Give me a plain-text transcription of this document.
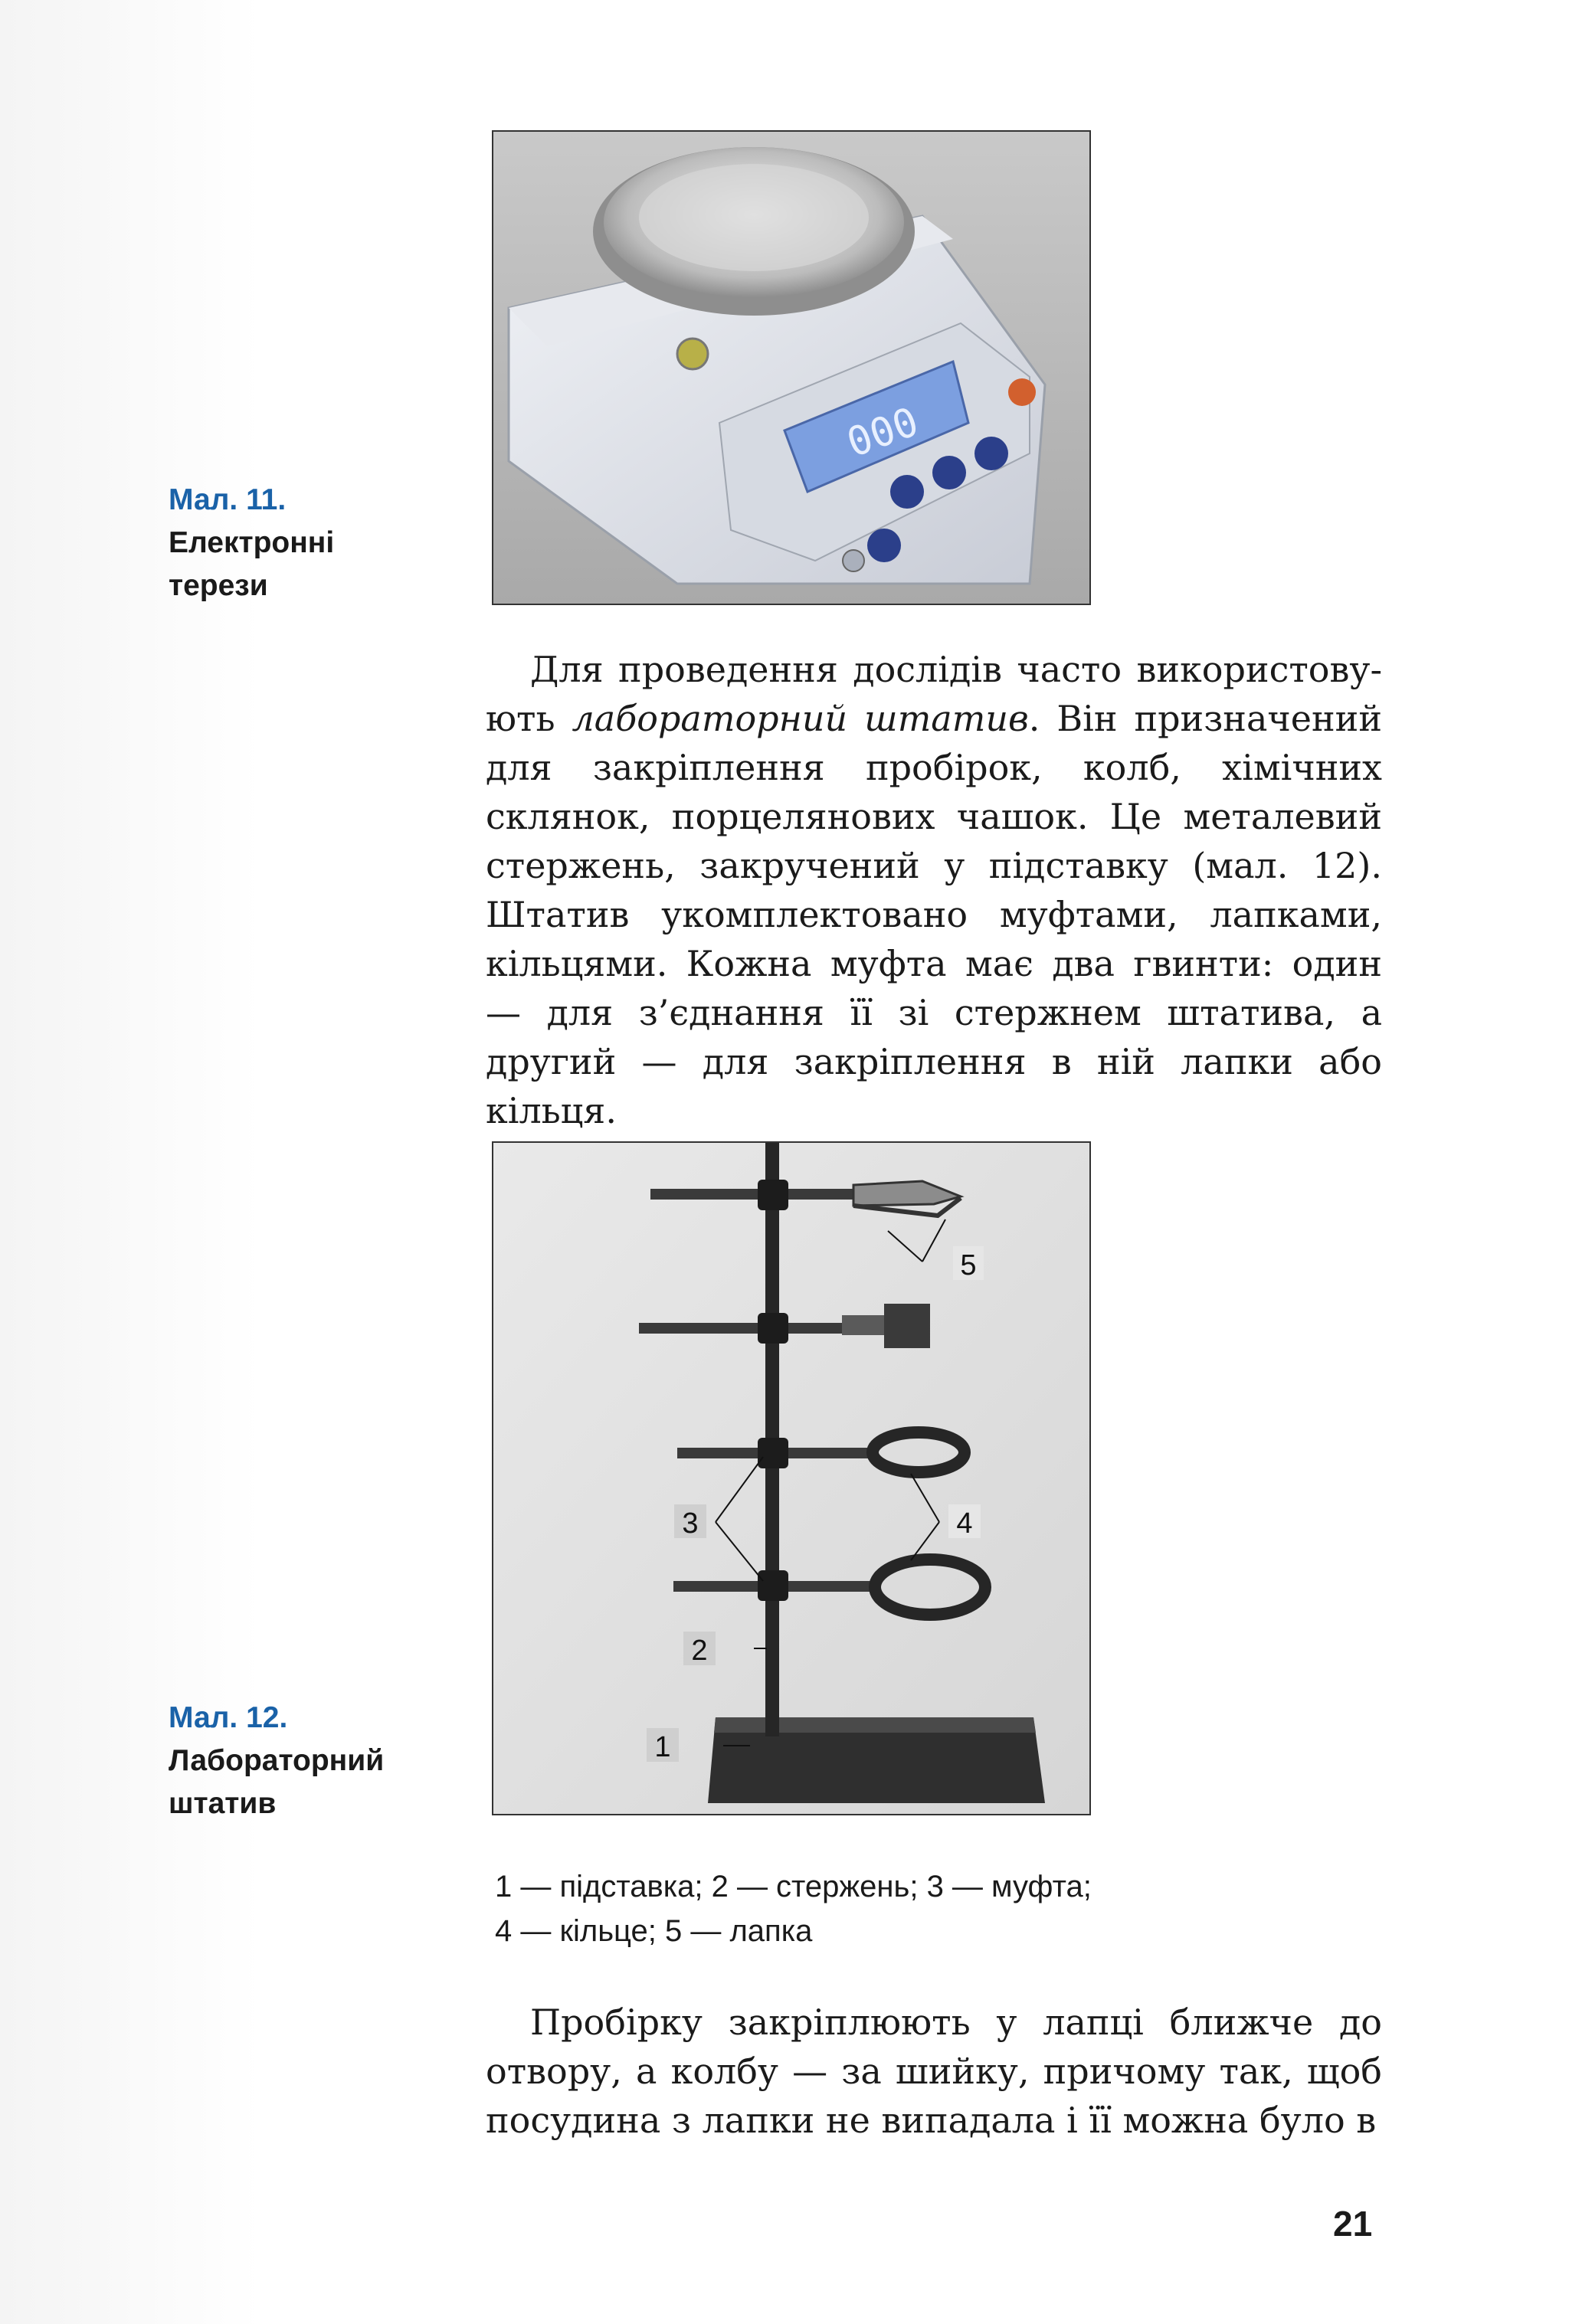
000
Мал. 11.
Електронні
терези

Для проведення дослідів часто використову-ють лабораторний штатив. Він призначений для закріплення пробірок, колб, хімічних склянок, порцелянових чашок. Це металевий стержень, закручений у підставку (мал. 12). Штатив укомплектовано муфтами, лапками, кільцями. Кожна муфта має два гвинти: один — для з’єднання її зі стержнем штатива, а другий — для закріплення в ній лапки або кільця.

5
3	4
2
1
Мал. 12.
Лабораторний
штатив
1 — підставка; 2 — стержень; 3 — муфта;
4 — кільце; 5 — лапка

Пробірку закріплюють у лапці ближче до отвору, а колбу — за шийку, причому так, щоб посудина з лапки не випадала і її можна було в

21
